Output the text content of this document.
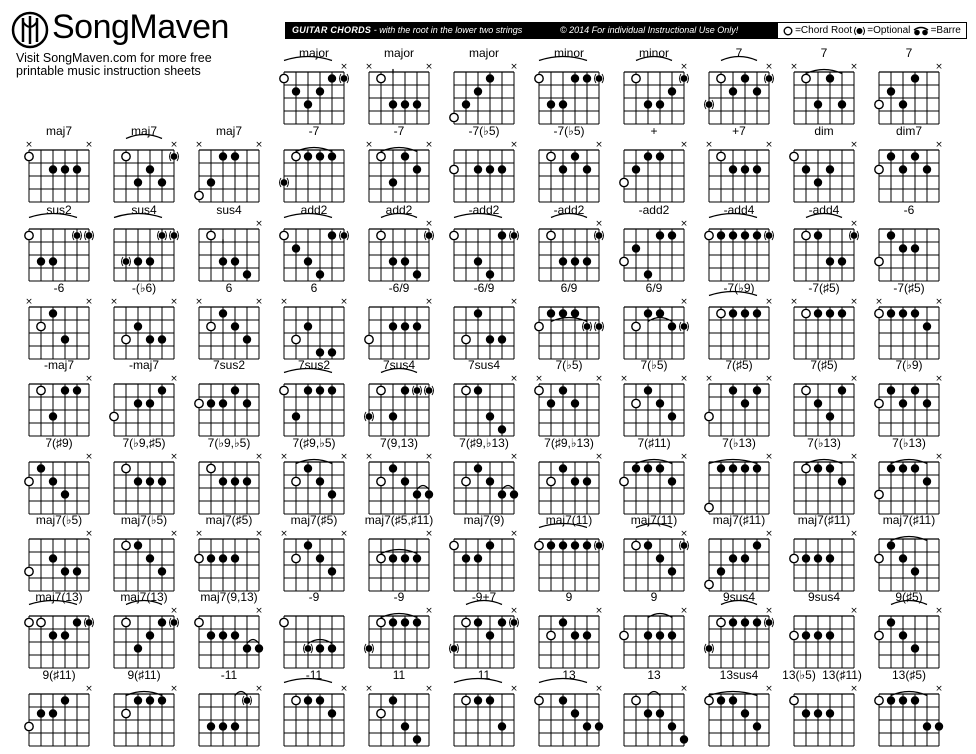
SongMaven
Visit SongMaven.com for more free
printable music instruction sheets
GUITAR CHORDS - with the root in the lower two strings	© 2014 For individual Instructional Use Only!	=Chord Root =Optional =Barre
major
×
major
×
×
major
×
minor	minor
×
7
×
7
×
×
7
×
maj7
×
×
maj7
×
maj7
×
×
-7	-7
×
×
-7(♭5)
×
-7(♭5)
×
+
×
+7
×
×
dim
×
dim7
×
sus2	sus4	sus4
×
add2	add2
×
-add2	-add2
×
-add2
×
-add4	-add4
×
-6
-6
×
×
-(♭6)
×
×
6
×
×
6
×
×
-6/9
×
-6/9
×
6/9	6/9
×
-7(♭9)
×
-7(♯5)
×
×
-7(♯5)
×
×
-maj7
×
-maj7
×
7sus2	7sus2	7sus4	7sus4
×
7(♭5)
×
×
7(♭5)
×
×
7(♯5)
×
×
7(♯5)
×
7(♭9)
×
7(♯9)
×
7(♭9,♯5)
×
7(♭9,♭5)
×
7(♯9,♭5)
×
×
7(9,13)
×
×
7(♯9,♭13)
×
7(♯9,♭13)
×
7(♯11)
×
7(♭13)
×
7(♭13)
×
7(♭13)
×
maj7(♭5)
×
maj7(♭5)
×
maj7(♯5)
×
×
maj7(♯5)
×
×
maj7(♯5,♯11)
×
maj7(9)
×
maj7(11)	maj7(11)
×
maj7(♯11)
×
maj7(♯11)
×
maj7(♯11)
maj7(13)	maj7(13)
×
maj7(9,13)
×
-9	-9
×
-9+7
×
9
×
9
×
9sus4
×
9sus4
×
9(♯5)
×
9(♯11)
×
9(♯11)
×
-11
×
-11
×
11
×
×
11
×
13
×
13
×
13sus4
×
13(♭5)
×
13(♯11)	13(♯5)
×
